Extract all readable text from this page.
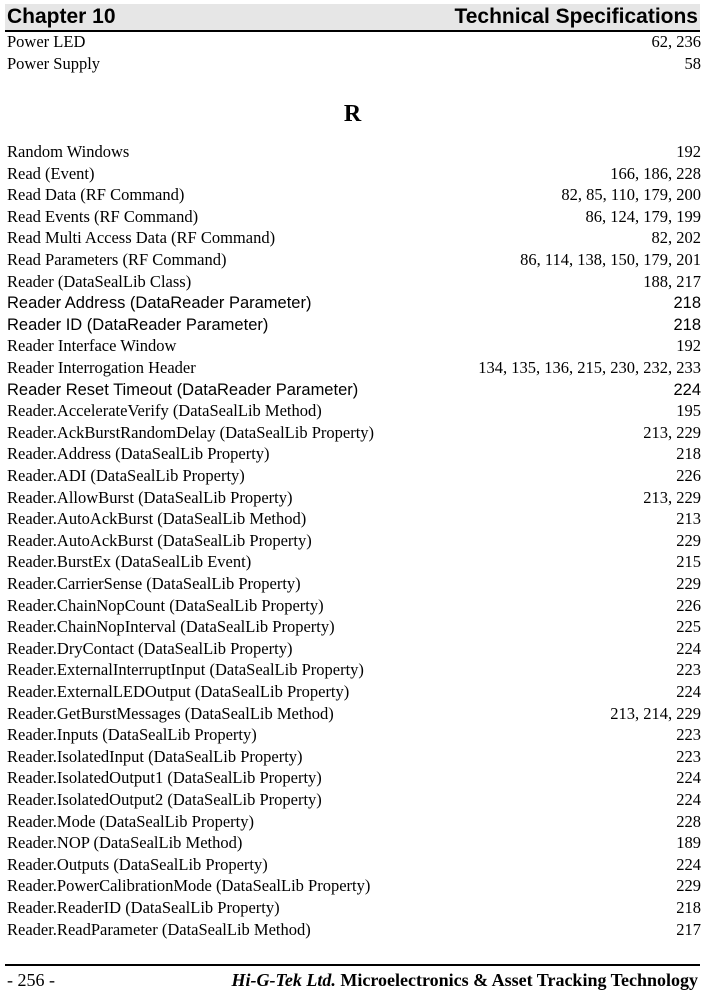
Chapter 10	Technical Specifications
Power LED	62, 236
Power Supply	58
R
Random Windows	192
Read (Event)	166, 186, 228
Read Data (RF Command)	82, 85, 110, 179, 200
Read Events (RF Command)	86, 124, 179, 199
Read Multi Access Data (RF Command)	82, 202
Read Parameters (RF Command)	86, 114, 138, 150, 179, 201
Reader (DataSealLib Class)	188, 217
Reader Address (DataReader Parameter)	218
Reader ID (DataReader Parameter)	218
Reader Interface Window	192
Reader Interrogation Header	134, 135, 136, 215, 230, 232, 233
Reader Reset Timeout (DataReader Parameter)	224
Reader.AccelerateVerify (DataSealLib Method)	195
Reader.AckBurstRandomDelay (DataSealLib Property)	213, 229
Reader.Address (DataSealLib Property)	218
Reader.ADI (DataSealLib Property)	226
Reader.AllowBurst (DataSealLib Property)	213, 229
Reader.AutoAckBurst (DataSealLib Method)	213
Reader.AutoAckBurst (DataSealLib Property)	229
Reader.BurstEx (DataSealLib Event)	215
Reader.CarrierSense (DataSealLib Property)	229
Reader.ChainNopCount (DataSealLib Property)	226
Reader.ChainNopInterval (DataSealLib Property)	225
Reader.DryContact (DataSealLib Property)	224
Reader.ExternalInterruptInput (DataSealLib Property)	223
Reader.ExternalLEDOutput (DataSealLib Property)	224
Reader.GetBurstMessages (DataSealLib Method)	213, 214, 229
Reader.Inputs (DataSealLib Property)	223
Reader.IsolatedInput (DataSealLib Property)	223
Reader.IsolatedOutput1 (DataSealLib Property)	224
Reader.IsolatedOutput2 (DataSealLib Property)	224
Reader.Mode (DataSealLib Property)	228
Reader.NOP (DataSealLib Method)	189
Reader.Outputs (DataSealLib Property)	224
Reader.PowerCalibrationMode (DataSealLib Property)	229
Reader.ReaderID (DataSealLib Property)	218
Reader.ReadParameter (DataSealLib Method)	217
- 256 -	Hi-G-Tek Ltd. Microelectronics & Asset Tracking Technology
